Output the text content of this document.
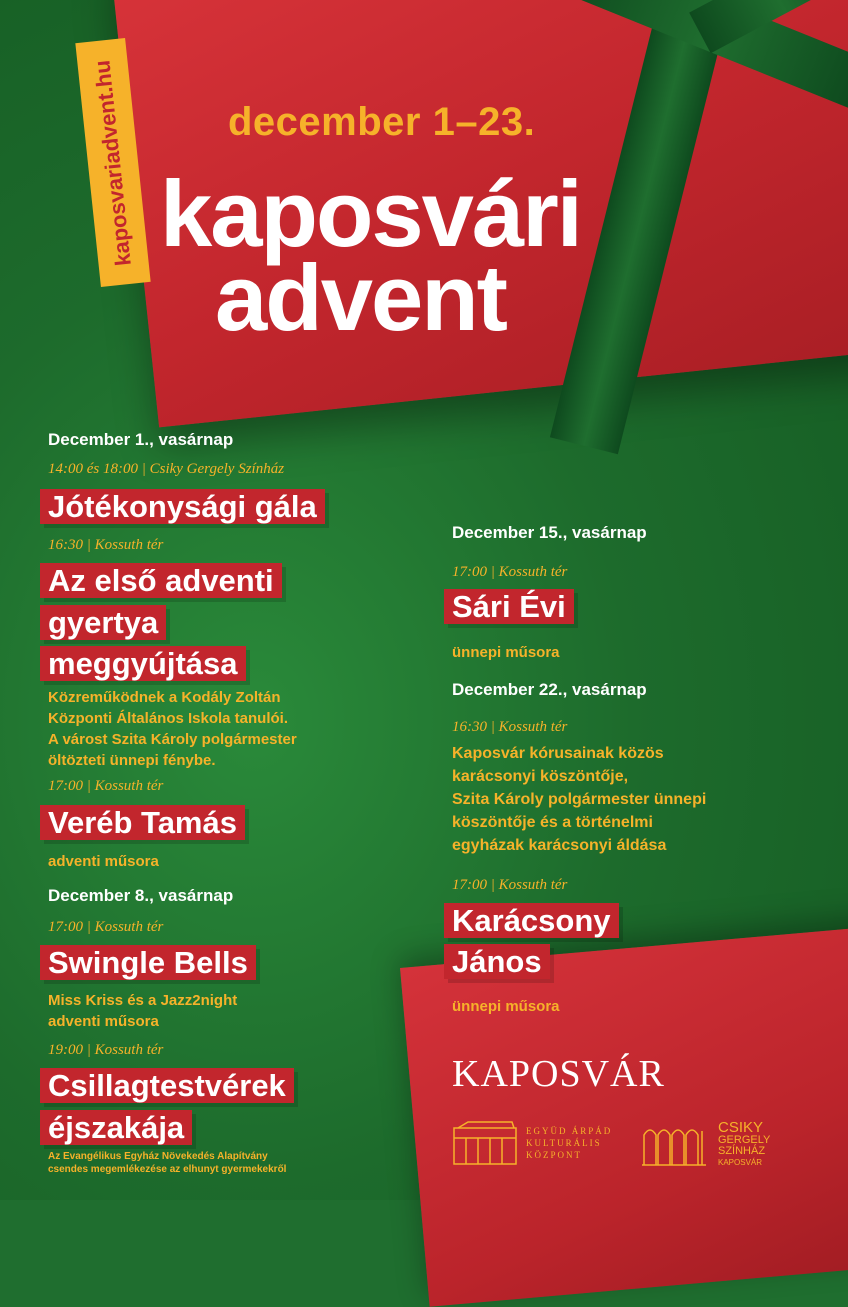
kaposvariadvent.hu december 1–23.
kaposvári
advent
December 1., vasárnap
14:00 és 18:00 | Csiky Gergely Színház
Jótékonysági gála
16:30 | Kossuth tér
Az első adventi
gyertya
meggyújtása
Közreműködnek a Kodály Zoltán
Központi Általános Iskola tanulói.
A várost Szita Károly polgármester
öltözteti ünnepi fénybe.
17:00 | Kossuth tér
Veréb Tamás
adventi műsora
December 8., vasárnap
17:00 | Kossuth tér
Swingle Bells
Miss Kriss és a Jazz2night
adventi műsora
19:00 | Kossuth tér
Csillagtestvérek
éjszakája
Az Evangélikus Egyház Növekedés Alapítvány
csendes megemlékezése az elhunyt gyermekekről
December 15., vasárnap
17:00 | Kossuth tér
Sári Évi
ünnepi műsora
December 22., vasárnap
16:30 | Kossuth tér
Kaposvár kórusainak közös
karácsonyi köszöntője,
Szita Károly polgármester ünnepi
köszöntője és a történelmi
egyházak karácsonyi áldása
17:00 | Kossuth tér
Karácsony
János
ünnepi műsora
KAPOSVÁR
EGYÜD ÁRPÁD
KULTURÁLIS
KÖZPONT
CSIKY
GERGELY
SZÍNHÁZ
KAPOSVÁR
